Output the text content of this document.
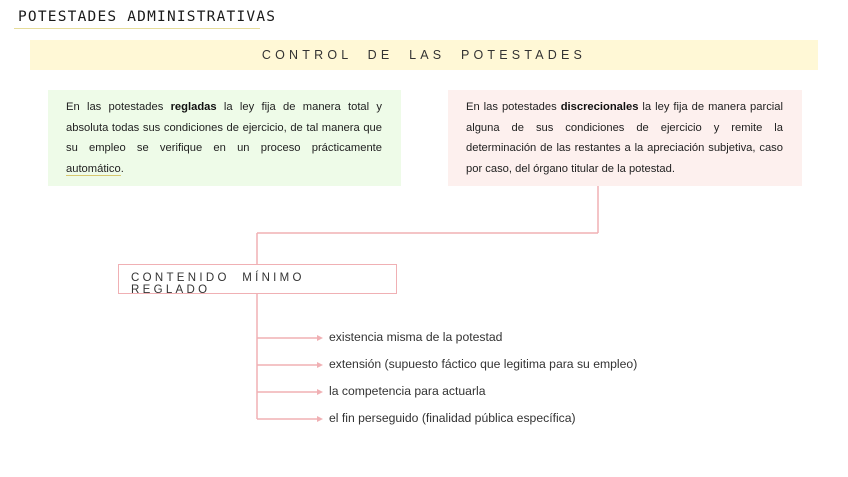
POTESTADES ADMINISTRATIVAS
CONTROL DE LAS POTESTADES
En las potestades regladas la ley fija de manera total y absoluta todas sus condiciones de ejercicio, de tal manera que su empleo se verifique en un proceso prácticamente automático.
En las potestades discrecionales la ley fija de manera parcial alguna de sus condiciones de ejercicio y remite la determinación de las restantes a la apreciación subjetiva, caso por caso, del órgano titular de la potestad.
CONTENIDO MÍNIMO REGLADO
existencia misma de la potestad
extensión (supuesto fáctico que legitima para su empleo)
la competencia para actuarla
el fin perseguido (finalidad pública específica)
